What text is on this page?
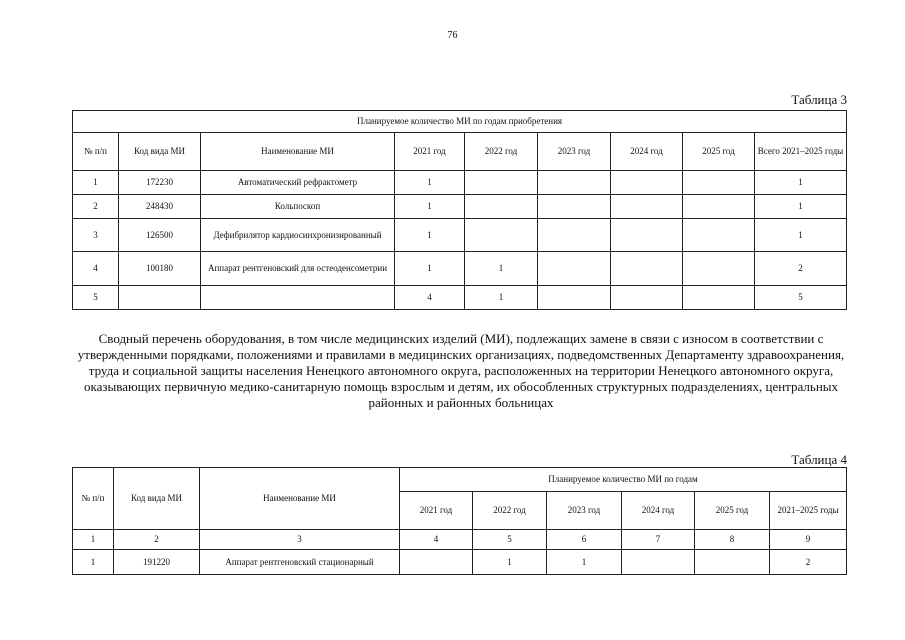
76
Таблица 3
Планируемое количество МИ по годам приобретения								
№ п/п	Код вида МИ	Наименование МИ	2021 год	2022 год	2023 год	2024 год	2025 год	Всего 2021–2025 годы
1	172230	Автоматический рефрактометр	1					1
2	248430	Кольпоскоп	1					1
3	126500	Дефибрилятор кардиосинхронизированный	1					1
4	100180	Аппарат рентгеновский для остеоденсометрии	1	1				2
5			4	1				5
Сводный перечень оборудования, в том числе медицинских изделий (МИ), подлежащих замене в связи с износом в соответствии с утвержденными порядками, положениями и правилами в медицинских организациях, подведомственных Департаменту здравоохранения, труда и социальной защиты населения Ненецкого автономного округа, расположенных на территории Ненецкого автономного округа, оказывающих первичную медико-санитарную помощь взрослым и детям, их обособленных структурных подразделениях, центральных районных и районных больницах
Таблица 4
№ п/п	Код вида МИ	Наименование МИ	Планируемое количество МИ по годам					
			2021 год	2022 год	2023 год	2024 год	2025 год	2021–2025 годы
1	2	3	4	5	6	7	8	9
1	191220	Аппарат рентгеновский стационарный		1	1			2
